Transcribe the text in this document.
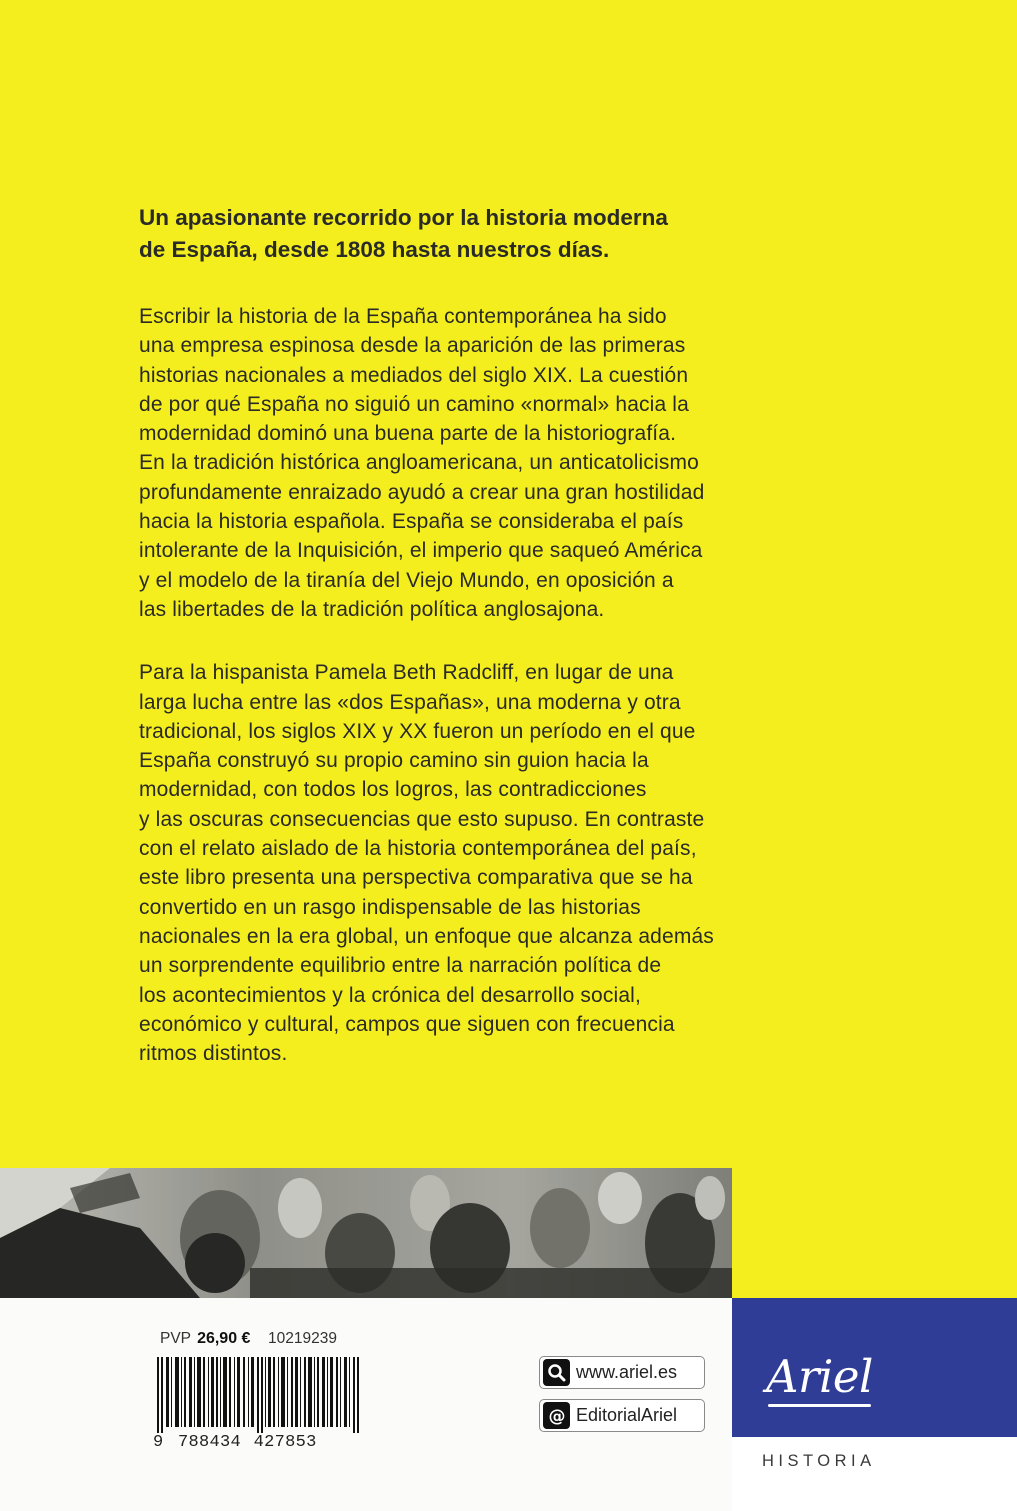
Un apasionante recorrido por la historia moderna
de España, desde 1808 hasta nuestros días.
Escribir la historia de la España contemporánea ha sido
una empresa espinosa desde la aparición de las primeras
historias nacionales a mediados del siglo XIX. La cuestión
de por qué España no siguió un camino «normal» hacia la
modernidad dominó una buena parte de la historiografía.
En la tradición histórica angloamericana, un anticatolicismo
profundamente enraizado ayudó a crear una gran hostilidad
hacia la historia española. España se consideraba el país
intolerante de la Inquisición, el imperio que saqueó América
y el modelo de la tiranía del Viejo Mundo, en oposición a
las libertades de la tradición política anglosajona.
Para la hispanista Pamela Beth Radcliff, en lugar de una
larga lucha entre las «dos Españas», una moderna y otra
tradicional, los siglos XIX y XX fueron un período en el que
España construyó su propio camino sin guion hacia la
modernidad, con todos los logros, las contradicciones
y las oscuras consecuencias que esto supuso. En contraste
con el relato aislado de la historia contemporánea del país,
este libro presenta una perspectiva comparativa que se ha
convertido en un rasgo indispensable de las historias
nacionales en la era global, un enfoque que alcanza además
un sorprendente equilibrio entre la narración política de
los acontecimientos y la crónica del desarrollo social,
económico y cultural, campos que siguen con frecuencia
ritmos distintos.
PVP 26,90 € 10219239
9 788434 427853
www.ariel.es
@ EditorialAriel
Ariel
HISTORIA
